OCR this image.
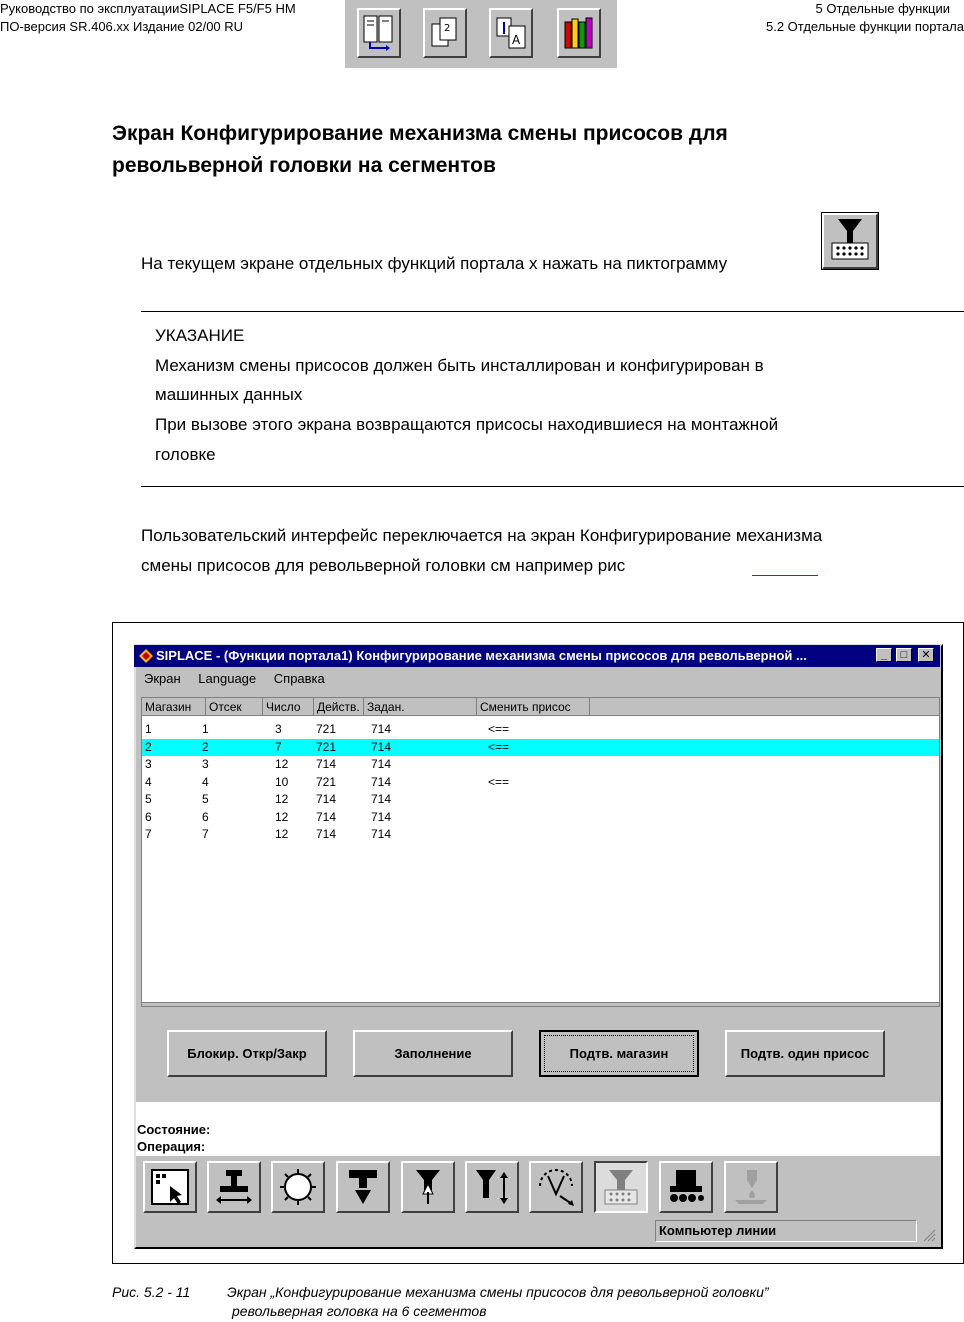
Руководство по эксплуатацииSIPLACE F5/F5 HM
ПО-версия SR.406.xx Издание 02/00 RU
5 Отдельные функции
5.2 Отдельные функции портала
2
A
Экран Конфигурирование механизма смены присосов для
револьверной головки на сегментов
На текущем экране отдельных функций портала х нажать на пиктограмму
УКАЗАНИЕ
Механизм смены присосов должен быть инсталлирован и конфигурирован в
машинных данных
При вызове этого экрана возвращаются присосы находившиеся на монтажной
головке
Пользовательский интерфейс переключается на экран Конфигурирование механизма
смены присосов для револьверной головки см например рис
SIPLACE - (Функции портала1) Конфигурирование механизма смены присосов для револьверной ...	_	□	✕
Экран Language Справка
Магазин	Отсек	Число	Действ. Задан.	Сменить присос
1	1	3	721	714	<==
2	2	7	721	714	<==
3	3	12 714	714
4	4	10 721	714	<==
5	5	12 714	714
6	6	12 714	714
7	7	12 714	714
Блокир. Откр/Закр	Заполнение	Подтв. магазин	Подтв. один присос
Состояние:
Операция:
Компьютер линии
Рис. 5.2 - 11	Экран „Конфигурирование механизма смены присосов для револьверной головки”
револьверная головка на 6 сегментов
